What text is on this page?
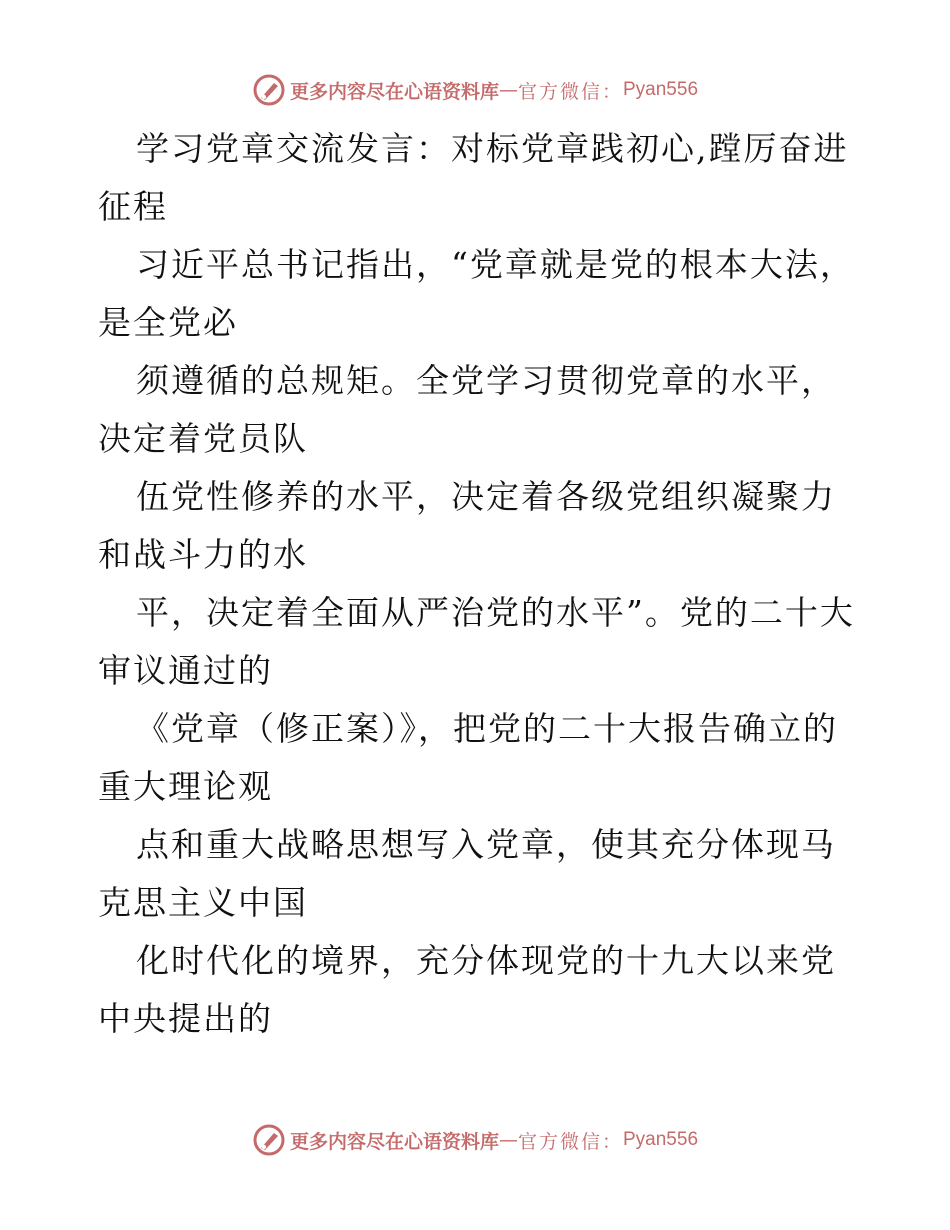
更多内容尽在心语资料库 — 官方微信： Pyan556

学习党章交流发言：对标党章践初心,蹚厉奋进征程

习近平总书记指出，“党章就是党的根本大法，是全党必

须遵循的总规矩。全党学习贯彻党章的水平，决定着党员队

伍党性修养的水平，决定着各级党组织凝聚力和战斗力的水

平，决定着全面从严治党的水平”。党的二十大审议通过的

《党章（修正案）》，把党的二十大报告确立的重大理论观

点和重大战略思想写入党章，使其充分体现马克思主义中国

化时代化的境界，充分体现党的十九大以来党中央提出的

更多内容尽在心语资料库 — 官方微信： Pyan556
